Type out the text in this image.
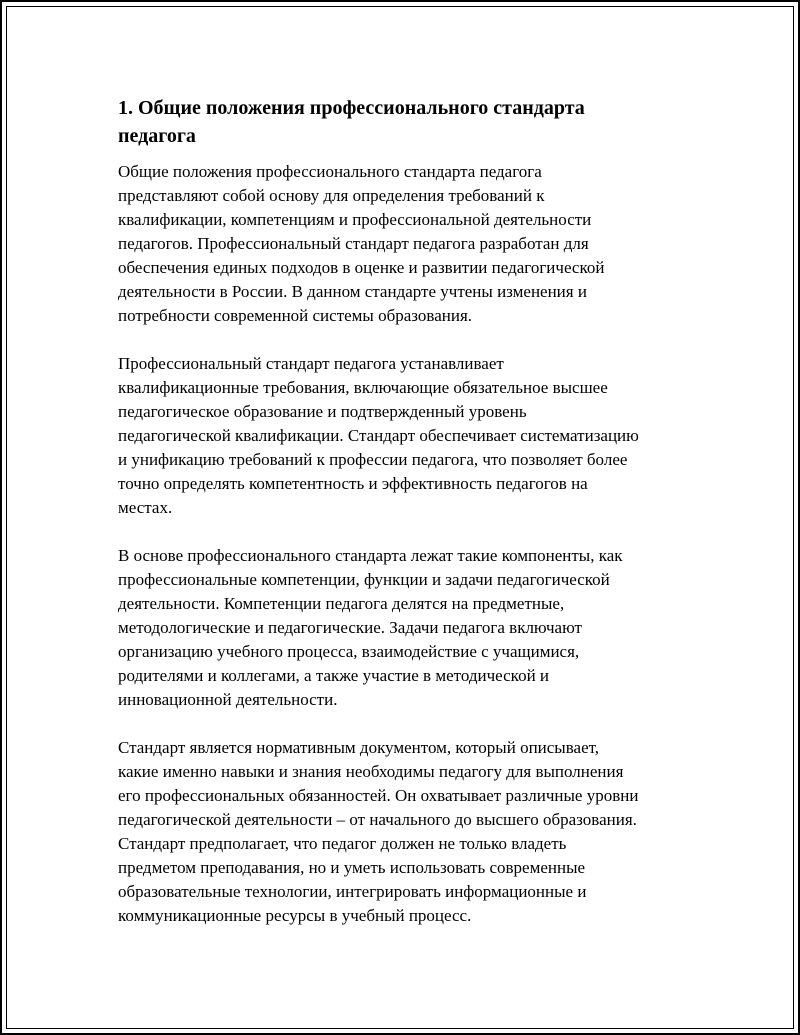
1. Общие положения профессионального стандарта
педагога

Общие положения профессионального стандарта педагога
представляют собой основу для определения требований к
квалификации, компетенциям и профессиональной деятельности
педагогов. Профессиональный стандарт педагога разработан для
обеспечения единых подходов в оценке и развитии педагогической
деятельности в России. В данном стандарте учтены изменения и
потребности современной системы образования.

Профессиональный стандарт педагога устанавливает
квалификационные требования, включающие обязательное высшее
педагогическое образование и подтвержденный уровень
педагогической квалификации. Стандарт обеспечивает систематизацию
и унификацию требований к профессии педагога, что позволяет более
точно определять компетентность и эффективность педагогов на
местах.

В основе профессионального стандарта лежат такие компоненты, как
профессиональные компетенции, функции и задачи педагогической
деятельности. Компетенции педагога делятся на предметные,
методологические и педагогические. Задачи педагога включают
организацию учебного процесса, взаимодействие с учащимися,
родителями и коллегами, а также участие в методической и
инновационной деятельности.

Стандарт является нормативным документом, который описывает,
какие именно навыки и знания необходимы педагогу для выполнения
его профессиональных обязанностей. Он охватывает различные уровни
педагогической деятельности – от начального до высшего образования.
Стандарт предполагает, что педагог должен не только владеть
предметом преподавания, но и уметь использовать современные
образовательные технологии, интегрировать информационные и
коммуникационные ресурсы в учебный процесс.
